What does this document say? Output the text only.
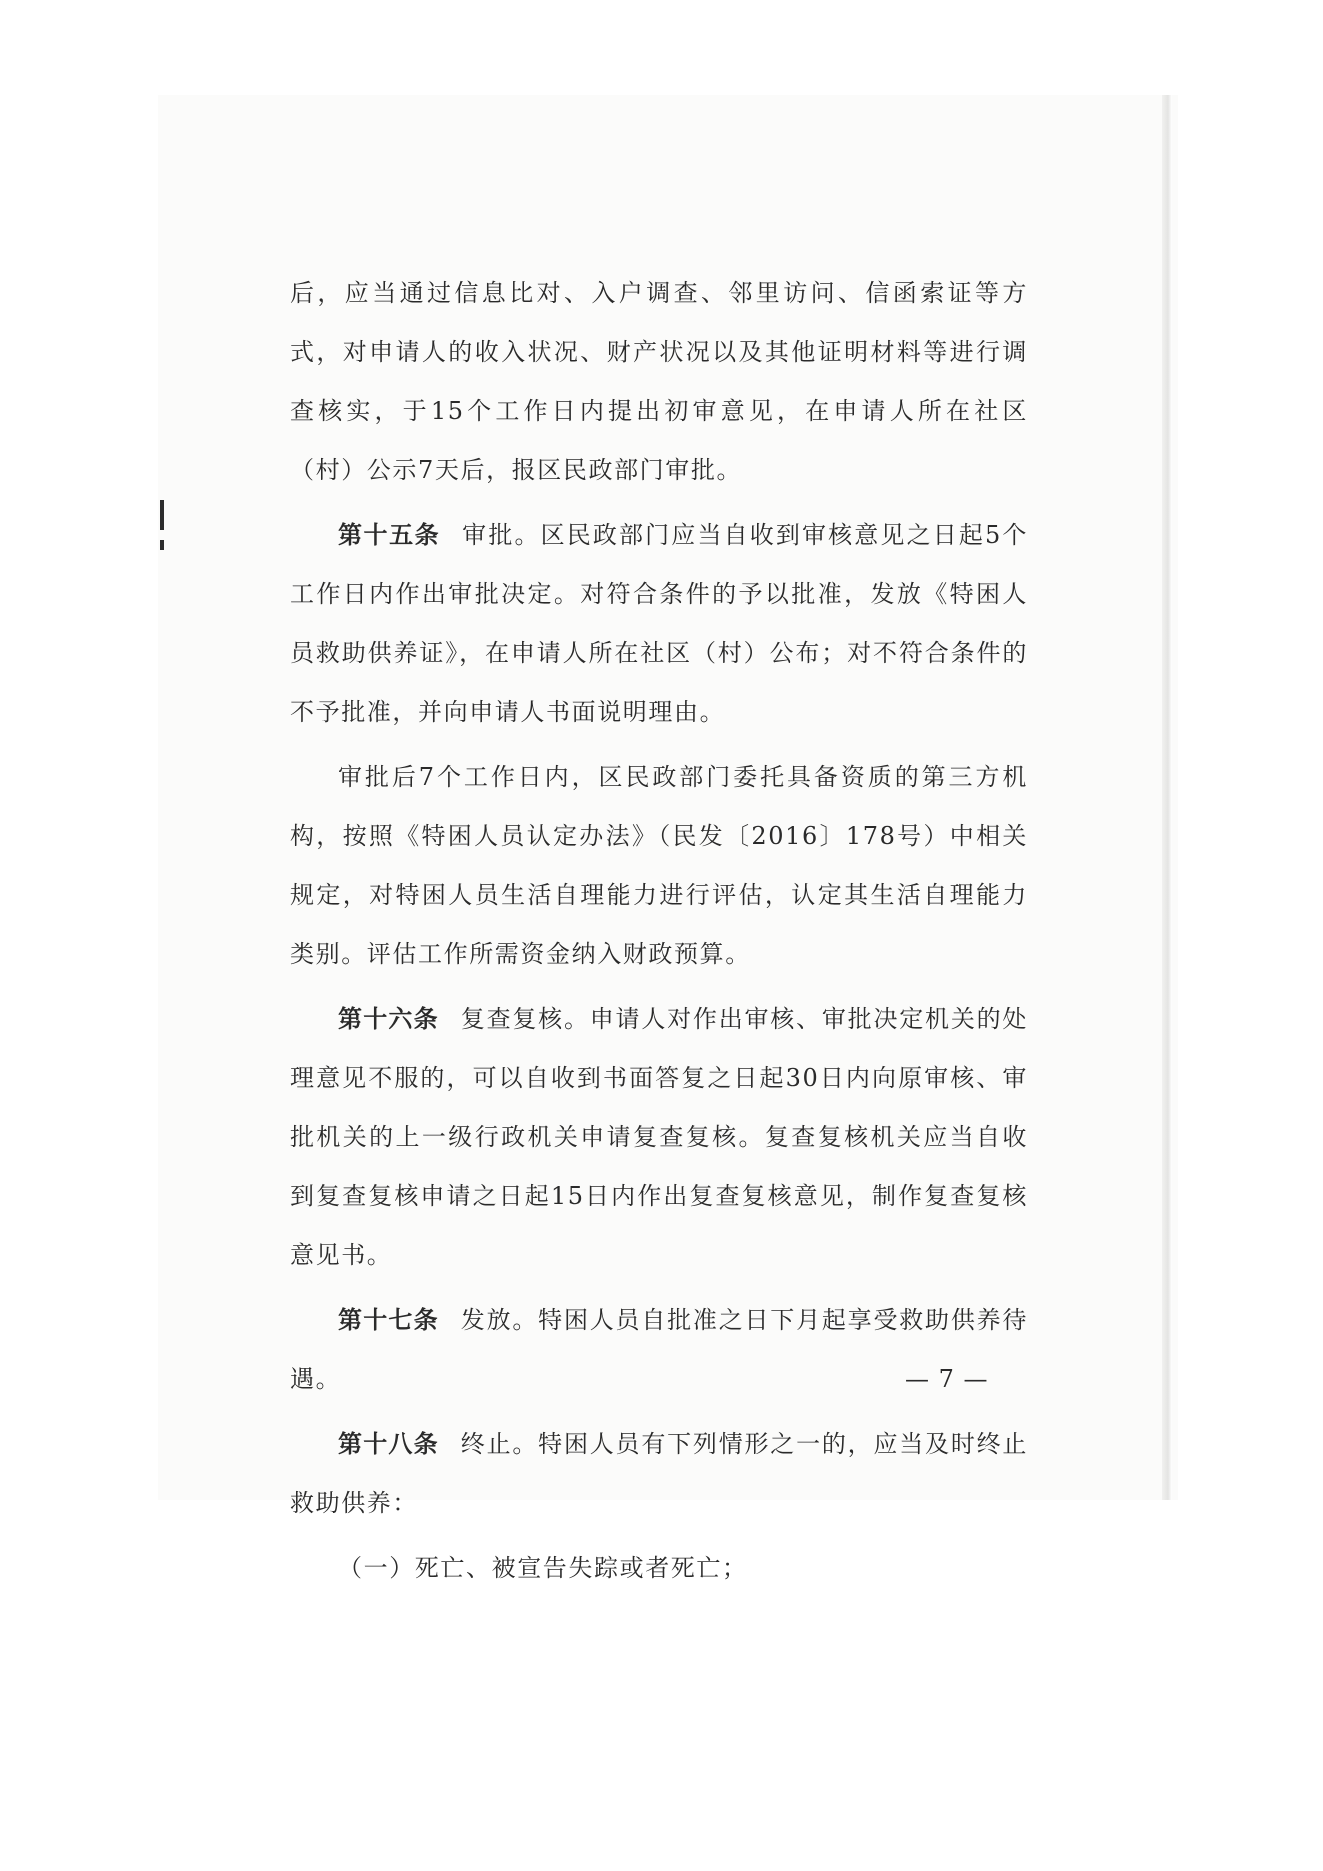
后，应当通过信息比对、入户调查、邻里访问、信函索证等方式，对申请人的收入状况、财产状况以及其他证明材料等进行调查核实，于15个工作日内提出初审意见，在申请人所在社区（村）公示7天后，报区民政部门审批。

第十五条 审批。区民政部门应当自收到审核意见之日起5个工作日内作出审批决定。对符合条件的予以批准，发放《特困人员救助供养证》，在申请人所在社区（村）公布；对不符合条件的不予批准，并向申请人书面说明理由。

审批后7个工作日内，区民政部门委托具备资质的第三方机构，按照《特困人员认定办法》（民发〔2016〕178号）中相关规定，对特困人员生活自理能力进行评估，认定其生活自理能力类别。评估工作所需资金纳入财政预算。

第十六条 复查复核。申请人对作出审核、审批决定机关的处理意见不服的，可以自收到书面答复之日起30日内向原审核、审批机关的上一级行政机关申请复查复核。复查复核机关应当自收到复查复核申请之日起15日内作出复查复核意见，制作复查复核意见书。

第十七条 发放。特困人员自批准之日下月起享受救助供养待遇。

第十八条 终止。特困人员有下列情形之一的，应当及时终止救助供养：

（一）死亡、被宣告失踪或者死亡；

— 7 —
